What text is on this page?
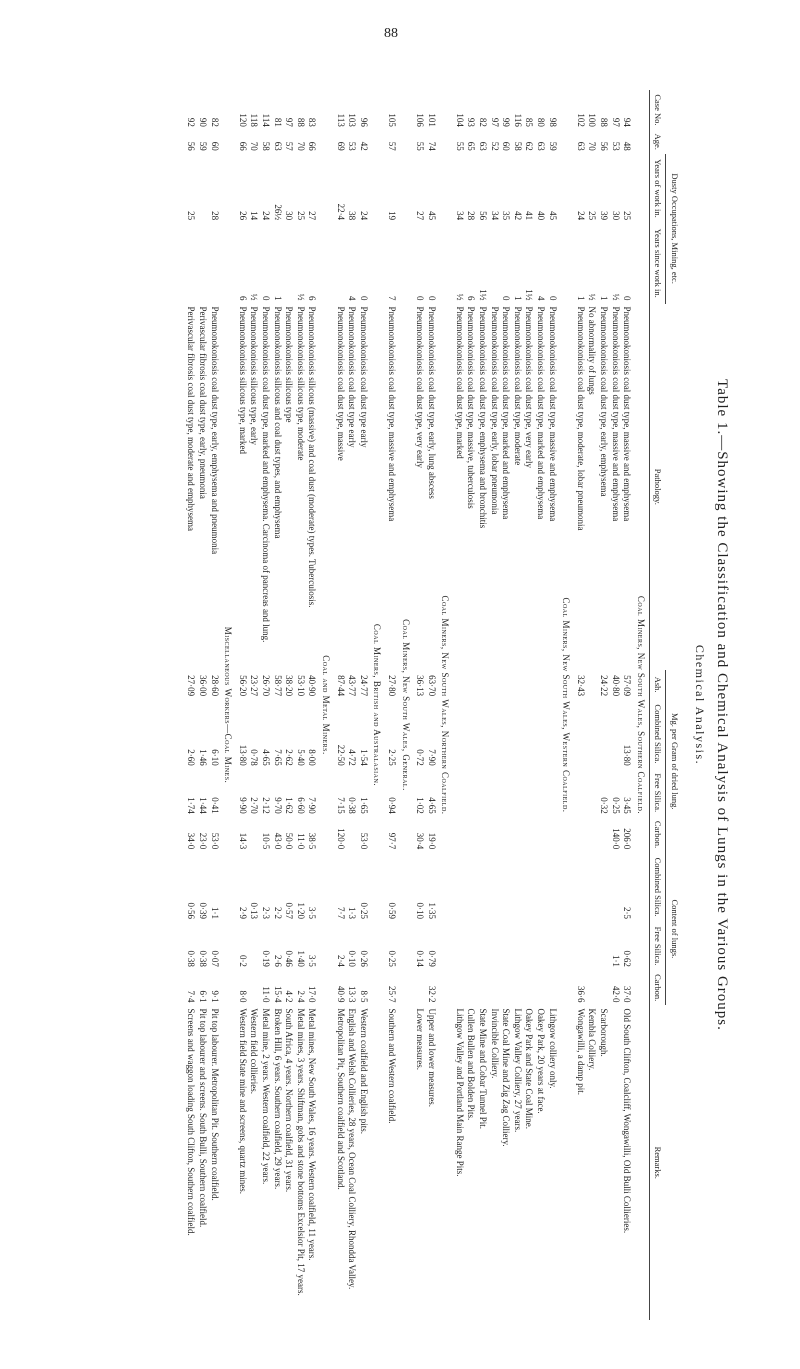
88

Table 1.—Showing the Classification and Chemical Analysis of Lungs in the Various Groups.

Chemical Analysis.

Case No.	Age.	Dusty Occupations, Mining, etc.		Pathology.	Mg. per Gram of dried lung.				Content of lungs.			Remarks.
		Years of work in.	Years since work in.		Ash.	Combined Silica.	Free Silica.	Carbon.	Combined Silica.	Free Silica.	Carbon.	
Coal Miners, New South Wales, Southern Coalfield.												
94	48	25	0	Pneumonokoniosis coal dust type, massive and emphysema	57·09	13·80	3·45	206·0	2·5	0·62	37·0	Old South Clifton, Coalcliff, Wongawilli, Old Bulli Collieries.
97	53	30	½	Pneumonokoniosis coal dust type, massive and emphysema	40·80		0·25	140·0		1·1	42·0	
88	56	39	1	Pneumonokoniosis coal dust type, early, emphysema	24·22		0·32					Scarborough.
100	70	25	½	No abnormality of lungs								Kembla Colliery.
102	63	24	1	Pneumonokoniosis coal dust type, moderate, lobar pneumonia	32·43						36·6	Wongawilli, a damp pit.
Coal Miners, New South Wales, Western Coalfield.												
98	59	45	0	Pneumonokoniosis coal dust type, massive and emphysema								Lithgow colliery only.
80	63	40	4	Pneumonokoniosis coal dust type, marked and emphysema								Oakey Park, 20 years at face.
85	62	41	1½	Pneumonokoniosis coal dust type, very early								Oakey Park and State Coal Mine.
116	58	42	1	Pneumonokoniosis coal dust type, moderate								Lithgow Valley Colliery, 27 years.
99	60	35	0	Pneumonokoniosis coal dust type, marked and emphysema								State Coal Mine and Zig Zag Colliery.
97	52	34		Pneumonokoniosis coal dust type, early, lobar pneumonia								Invincible Colliery.
82	63	56	1½	Pneumonokoniosis coal dust type, emphysema and bronchitis								State Mine and Cobar Tunnel Pit.
93	65	28	6	Pneumonokoniosis coal dust type, massive, tuberculosis								Cullen Bullen and Bolden Pits.
104	55	34	½	Pneumonokoniosis coal dust type, marked								Lithgow Valley and Portland Main Range Pits.
Coal Miners, New South Wales, Northern Coalfield.												
101	74	45	0	Pneumonokoniosis coal dust type, early, lung abscess	63·70	7·90	4·65	19·0	1·35	0·79	32·2	Upper and lower measures.
106	55	27	0	Pneumonokoniosis coal dust type, very early	36·13	0·72	1·02	30·4	0·10	0·14		Lower measures.
Coal Miners, New South Wales, General.												
105	57	19	7	Pneumonokoniosis coal dust type, massive and emphysema	27·80	2·25	0·94	97·7	0·59	0·25	25·7	Southern and Western coalfield.
Coal Miners, British and Australasian.												
96	42	24	0	Pneumonokoniosis coal dust type early	24·77	1·54	1·65	53·0	0·25	0·26	8·5	Western coalfield and English pits.
103	53	38	4	Pneumonokoniosis coal dust type early	43·77	4·72	0·38		1·3	0·10	13·3	English and Welsh Collieries, 28 years, Ocean Coal Colliery, Rhondda Valley.
113	69	22·4		Pneumonokoniosis coal dust type, massive	87·44	22·50	7·15	120·0	7·7	2·4	40·9	Metropolitan Pit, Southern coalfield and Scotland.
Coal and Metal Miners.												
83	66	27	6	Pneumonokoniosis silicous (massive) and coal dust (moderate) types. Tuberculosis.	40·90	8·00	7·90	38·5	3·5	3·5	17·0	Metal mines, New South Wales, 16 years. Western coalfield, 11 years.
88	70	25	½	Pneumonokoniosis silicous type, moderate	53·10	5·40	6·60	11·0	1·20	1·40	2·4	Metal mines, 3 years. Shiftman, gobs and stone bottoms Excelsior Pit, 17 years.
97	57	30		Pneumonokoniosis silicous type	38·20	2·62	1·62	50·0	0·57	0·46	4·2	South Africa, 4 years. Northern coalfield, 31 years.
81	63	26½	1	Pneumonokoniosis silicous and coal dust types, and emphysema	58·77	7·65	9·70	43·0	2·2	2·6	15·4	Broken Hill, 6 years. Southern coalfield, 29 years.
114	58	24	0	Pneumonokoniosis coal dust type, marked and emphysema. Carcinoma of pancreas and lung.	26·70	4·65	2·12	10·5	2·3	0·19	11·0	Metal mine, 2 years. Western coalfield, 22 years.
118	70	14	½	Pneumonokoniosis silicous type, early	23·27	0·78	2·70		0·13			Western field collieries.
120	66	26	6	Pneumonokoniosis silicous type, marked	56·20	13·80	9·90	14·3	2·9	0·2	8·0	Western field State mine and screens, quartz mines.
Miscellaneous Workers—Coal Mines.												
82	60	28		Pneumonokoniosis coal dust type, early, emphysema and pneumonia	28·60	6·10	0·41	53·0	1·1	0·07	9·1	Pit top labourer. Metropolitan Pit. Southern coalfield.
90	59			Perivascular fibrosis coal dust type, early, pneumonia	36·00	1·46	1·44	23·0	0·39	0·38	6·1	Pit top labourer and screens. South Bulli, Southern coalfield.
92	56	25		Perivascular fibrosis coal dust type, moderate and emphysema	27·09	2·60	1·74	34·0	0·56	0·38	7·4	Screens and waggon loading South Clifton, Southern coalfield.
